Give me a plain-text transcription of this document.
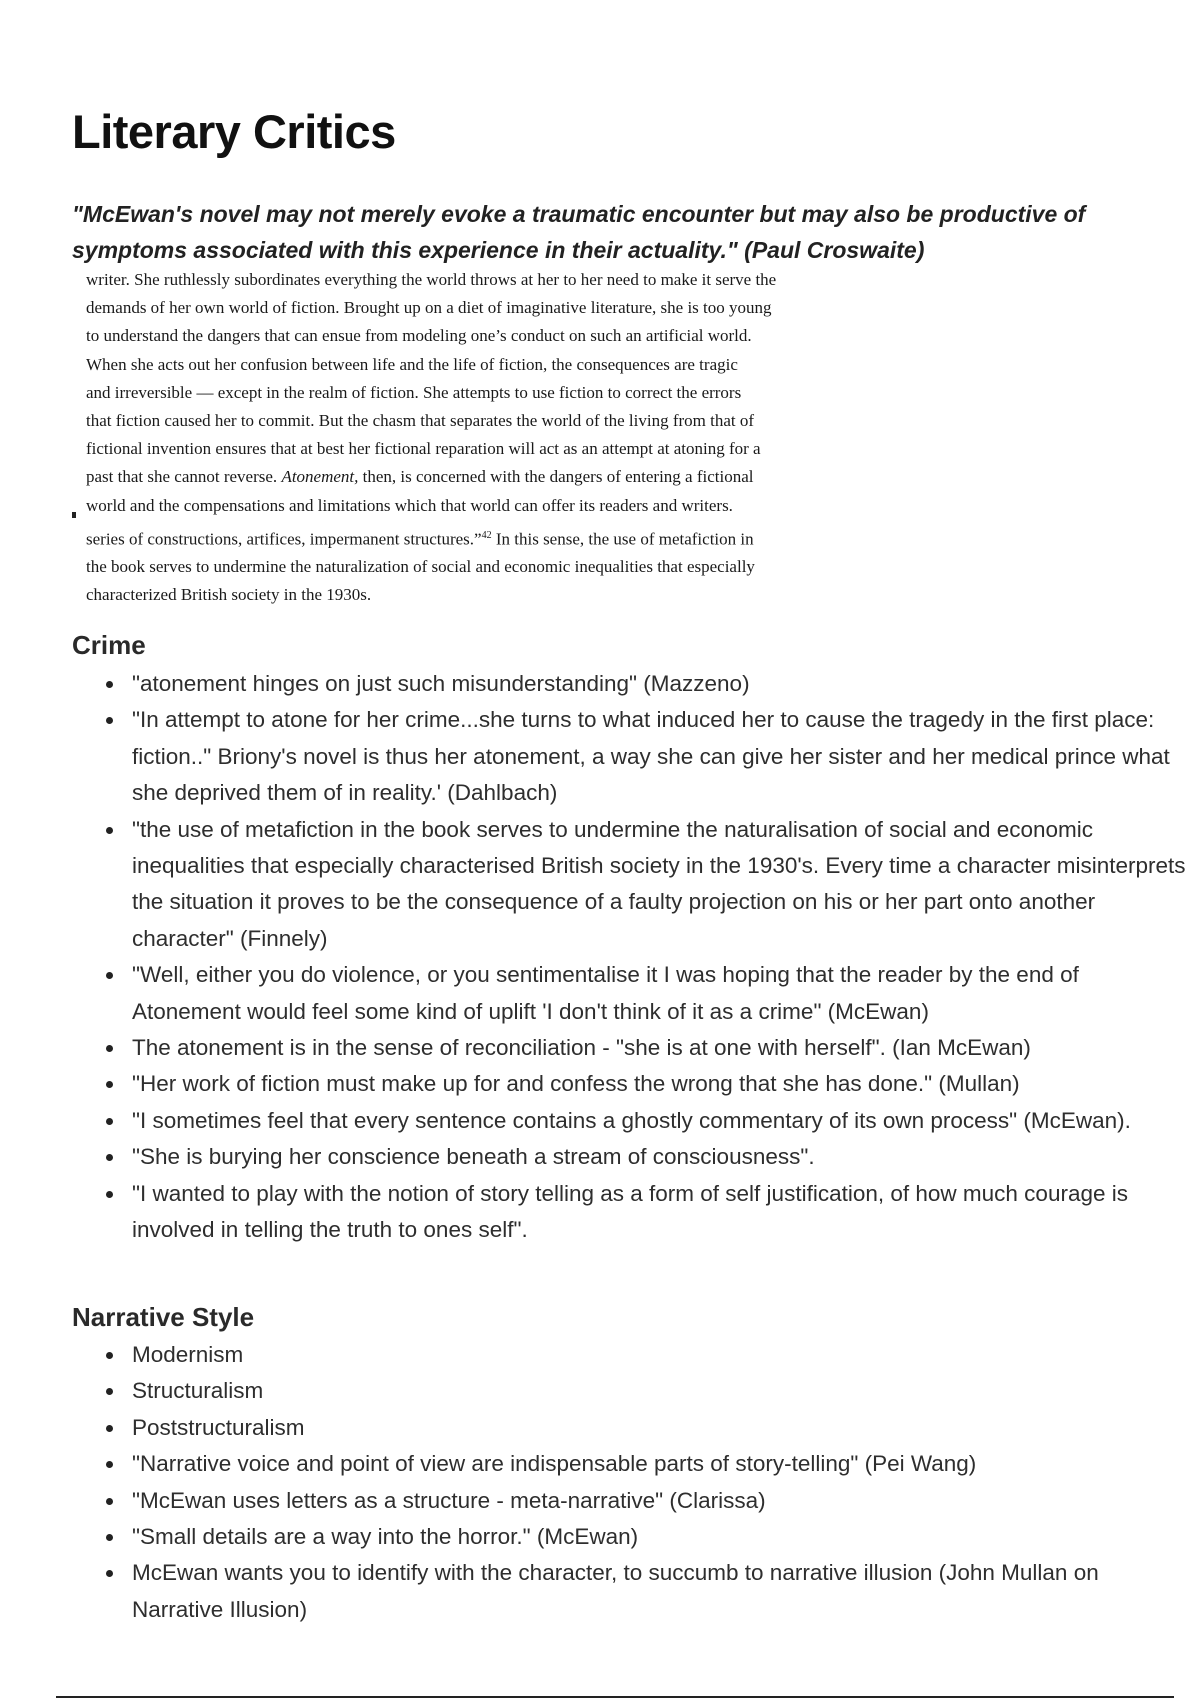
Literary Critics

"McEwan's novel may not merely evoke a traumatic encounter but may also be productive of symptoms associated with this experience in their actuality." (Paul Croswaite)

writer. She ruthlessly subordinates everything the world throws at her to her need to make it serve the

demands of her own world of fiction. Brought up on a diet of imaginative literature, she is too young

to understand the dangers that can ensue from modeling one’s conduct on such an artificial world.

When she acts out her confusion between life and the life of fiction, the consequences are tragic

and irreversible — except in the realm of fiction. She attempts to use fiction to correct the errors

that fiction caused her to commit. But the chasm that separates the world of the living from that of

fictional invention ensures that at best her fictional reparation will act as an attempt at atoning for a

past that she cannot reverse. Atonement, then, is concerned with the dangers of entering a fictional

world and the compensations and limitations which that world can offer its readers and writers.

series of constructions, artifices, impermanent structures.”$^{42}$ In this sense, the use of metafiction in

the book serves to undermine the naturalization of social and economic inequalities that especially

characterized British society in the 1930s.

Crime
"atonement hinges on just such misunderstanding" (Mazzeno)
"In attempt to atone for her crime...she turns to what induced her to cause the tragedy in the first place: fiction.." Briony's novel is thus her atonement, a way she can give her sister and her medical prince what she deprived them of in reality.' (Dahlbach)
"the use of metafiction in the book serves to undermine the naturalisation of social and economic inequalities that especially characterised British society in the 1930's. Every time a character misinterprets the situation it proves to be the consequence of a faulty projection on his or her part onto another character" (Finnely)
"Well, either you do violence, or you sentimentalise it I was hoping that the reader by the end of Atonement would feel some kind of uplift 'I don't think of it as a crime" (McEwan)
The atonement is in the sense of reconciliation - "she is at one with herself". (Ian McEwan)
"Her work of fiction must make up for and confess the wrong that she has done." (Mullan)
"I sometimes feel that every sentence contains a ghostly commentary of its own process" (McEwan).
"She is burying her conscience beneath a stream of consciousness".
"I wanted to play with the notion of story telling as a form of self justification, of how much courage is involved in telling the truth to ones self".
Narrative Style
Modernism
Structuralism
Poststructuralism
"Narrative voice and point of view are indispensable parts of story-telling" (Pei Wang)
"McEwan uses letters as a structure - meta-narrative" (Clarissa)
"Small details are a way into the horror." (McEwan)
McEwan wants you to identify with the character, to succumb to narrative illusion (John Mullan on Narrative Illusion)
